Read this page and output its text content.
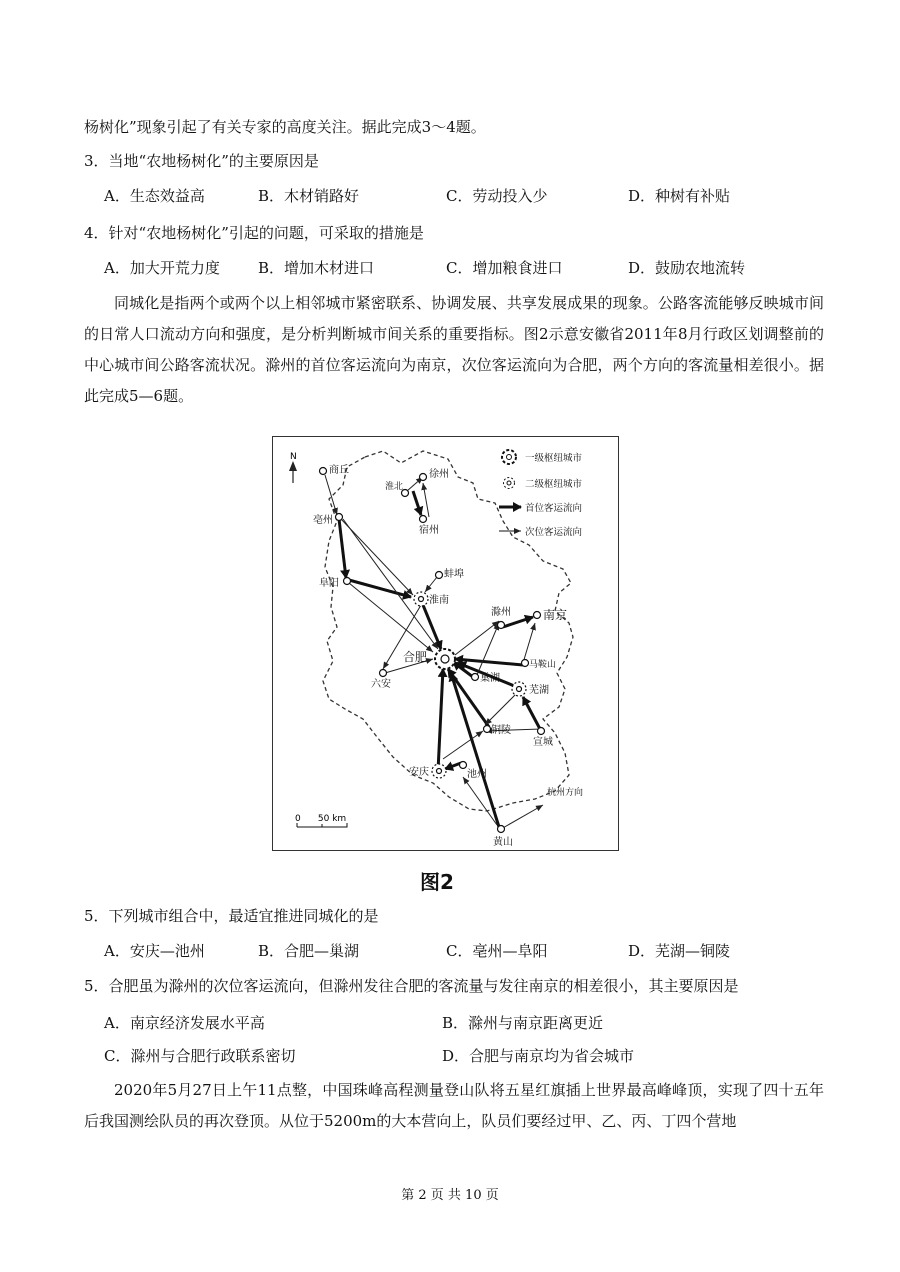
杨树化”现象引起了有关专家的高度关注。据此完成3～4题。
3．当地“农地杨树化”的主要原因是
A．生态效益高	B．木材销路好	C．劳动投入少	D．种树有补贴
4．针对“农地杨树化”引起的问题，可采取的措施是
A．加大开荒力度	B．增加木材进口	C．增加粮食进口	D．鼓励农地流转
同城化是指两个或两个以上相邻城市紧密联系、协调发展、共享发展成果的现象。公路客流能够反映城市间的日常人口流动方向和强度，是分析判断城市间关系的重要指标。图2示意安徽省2011年8月行政区划调整前的中心城市间公路客流状况。滁州的首位客运流向为南京，次位客运流向为合肥，两个方向的客流量相差很小。据此完成5—6题。
N
商丘	徐州
淮北
宿州
亳州
蚌埠
阜阳
淮南
滁州	南京
合肥
马鞍山
六安
巢湖
芜湖
铜陵
宣城
安庆	池州
黄山
杭州方向
一级枢纽城市
二级枢纽城市
首位客运流向
次位客运流向
0      50 km
图2
5．下列城市组合中，最适宜推进同城化的是
A．安庆—池州	B．合肥—巢湖	C．亳州—阜阳	D．芜湖—铜陵
5．合肥虽为滁州的次位客运流向，但滁州发往合肥的客流量与发往南京的相差很小，其主要原因是
A．南京经济发展水平高	B．滁州与南京距离更近
C．滁州与合肥行政联系密切	D．合肥与南京均为省会城市
2020年5月27日上午11点整，中国珠峰高程测量登山队将五星红旗插上世界最高峰峰顶，实现了四十五年后我国测绘队员的再次登顶。从位于5200m的大本营向上，队员们要经过甲、乙、丙、丁四个营地
第 2 页 共 10 页
